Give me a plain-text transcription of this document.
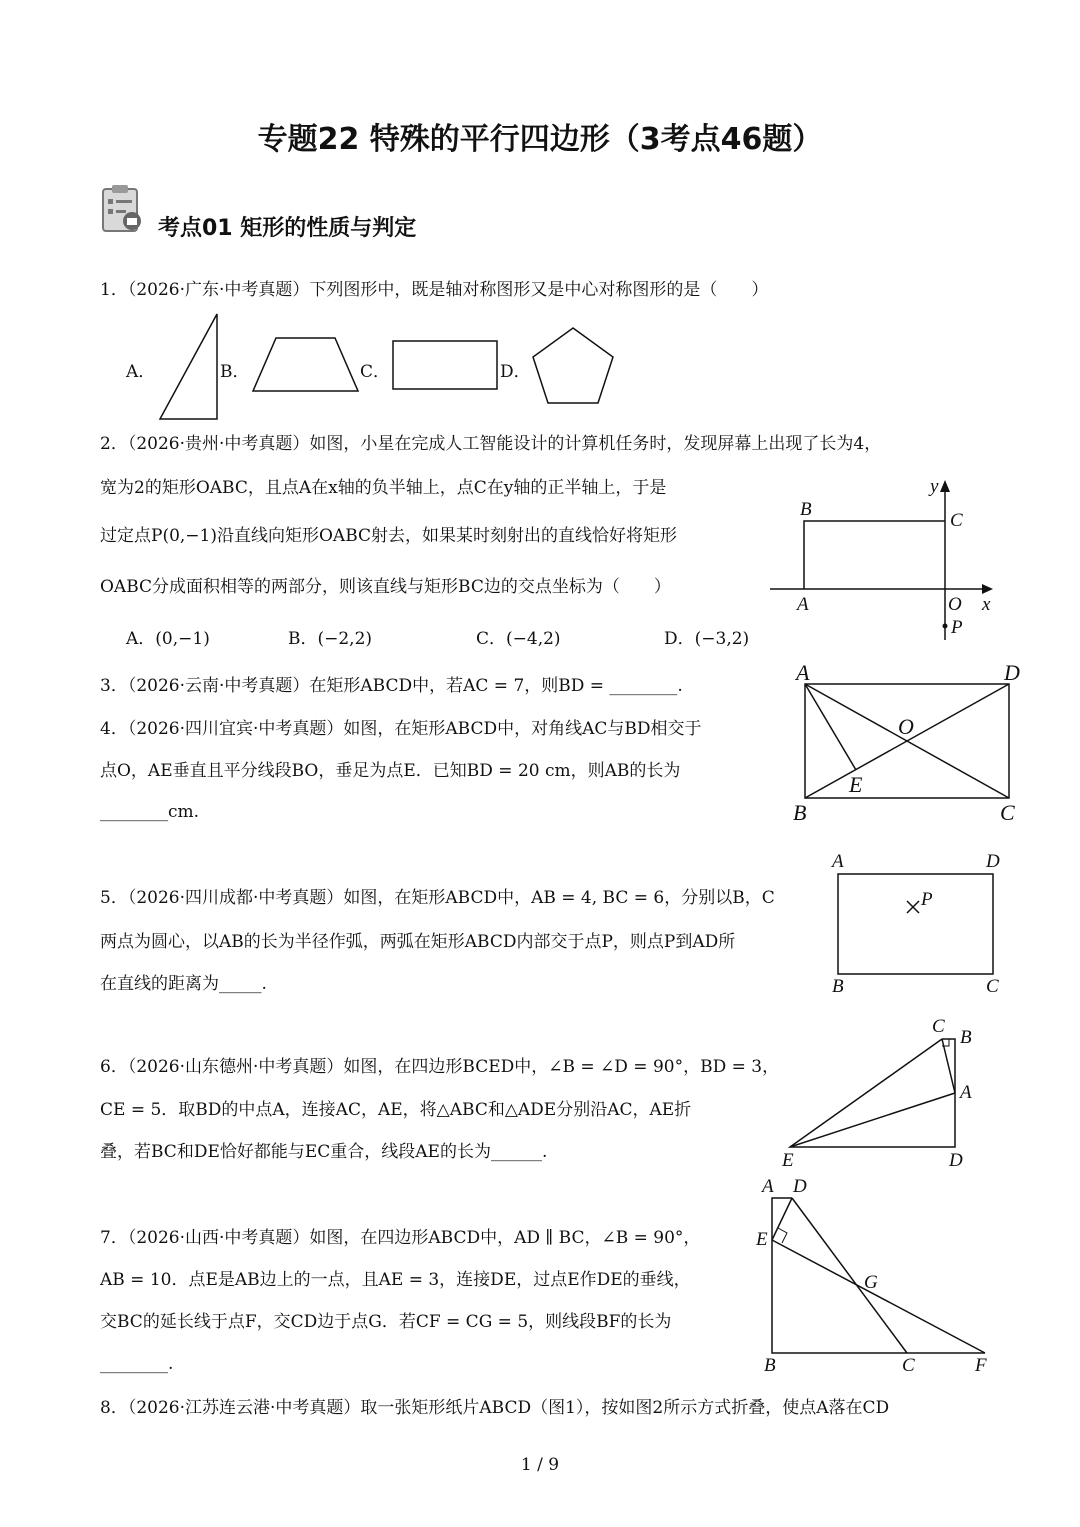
专题22 特殊的平行四边形（3考点46题）
考点01 矩形的性质与判定
1．（2026·广东·中考真题）下列图形中，既是轴对称图形又是中心对称图形的是（　　）
A．	B．	C．	D．
2．（2026·贵州·中考真题）如图，小星在完成人工智能设计的计算机任务时，发现屏幕上出现了长为4，
宽为2的矩形OABC，且点A在x轴的负半轴上，点C在y轴的正半轴上，于是
过定点P(0,−1)沿直线向矩形OABC射去，如果某时刻射出的直线恰好将矩形
OABC分成面积相等的两部分，则该直线与矩形BC边的交点坐标为（　　）
A．(0,−1)	B．(−2,2)	C．(−4,2)	D．(−3,2)
y
B
C
A	O x
P
3．（2026·云南·中考真题）在矩形ABCD中，若AC = 7，则BD = ________.
4．（2026·四川宜宾·中考真题）如图，在矩形ABCD中，对角线AC与BD相交于
点O，AE垂直且平分线段BO，垂足为点E．已知BD = 20 cm，则AB的长为
________cm.
A	D
O
E
B	C
5．（2026·四川成都·中考真题）如图，在矩形ABCD中，AB = 4, BC = 6，分别以B，C
两点为圆心，以AB的长为半径作弧，两弧在矩形ABCD内部交于点P，则点P到AD所
在直线的距离为_____.
A	D
P
B	C
6．（2026·山东德州·中考真题）如图，在四边形BCED中，∠B = ∠D = 90°，BD = 3，
CE = 5．取BD的中点A，连接AC，AE，将△ABC和△ADE分别沿AC，AE折
叠，若BC和DE恰好都能与EC重合，线段AE的长为______.
C
B
A
E	D
7．（2026·山西·中考真题）如图，在四边形ABCD中，AD ∥ BC，∠B = 90°，
AB = 10．点E是AB边上的一点，且AE = 3，连接DE，过点E作DE的垂线，
交BC的延长线于点F，交CD边于点G．若CF = CG = 5，则线段BF的长为
________.
A D
E
G
B	C	F
8．（2026·江苏连云港·中考真题）取一张矩形纸片ABCD（图1），按如图2所示方式折叠，使点A落在CD
1 / 9
